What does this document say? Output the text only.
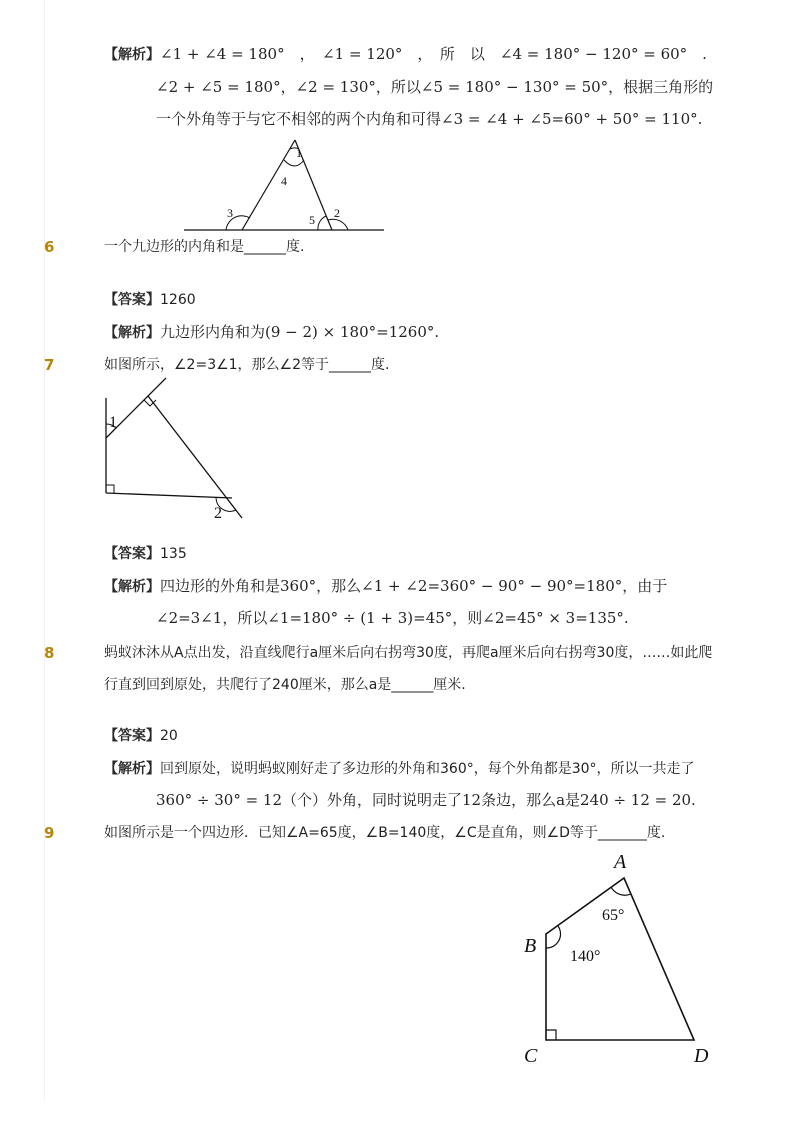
【解析】∠1 + ∠4 = 180°　，　∠1 = 120°　，　所　以　∠4 = 180° − 120° = 60°　.
∠2 + ∠5 = 180°，∠2 = 130°，所以∠5 = 180° − 130° = 50°，根据三角形的
一个外角等于与它不相邻的两个内角和可得∠3 = ∠4 + ∠5=60° + 50° = 110°.
1
4
3	5 2
6	一个九边形的内角和是______度.
【答案】1260
【解析】九边形内角和为(9 − 2) × 180°=1260°.
7	如图所示，∠2=3∠1，那么∠2等于______度.
1
2
【答案】135
【解析】四边形的外角和是360°，那么∠1 + ∠2=360° − 90° − 90°=180°，由于
∠2=3∠1，所以∠1=180° ÷ (1 + 3)=45°，则∠2=45° × 3=135°.
8	蚂蚁沐沐从A点出发，沿直线爬行a厘米后向右拐弯30度，再爬a厘米后向右拐弯30度，……如此爬
行直到回到原处，共爬行了240厘米，那么a是______厘米.
【答案】20
【解析】回到原处，说明蚂蚁刚好走了多边形的外角和360°，每个外角都是30°，所以一共走了
360° ÷ 30° = 12（个）外角，同时说明走了12条边，那么a是240 ÷ 12 = 20.
9	如图所示是一个四边形．已知∠A=65度，∠B=140度，∠C是直角，则∠D等于_______度.
A
B
C	D
65°
140°
